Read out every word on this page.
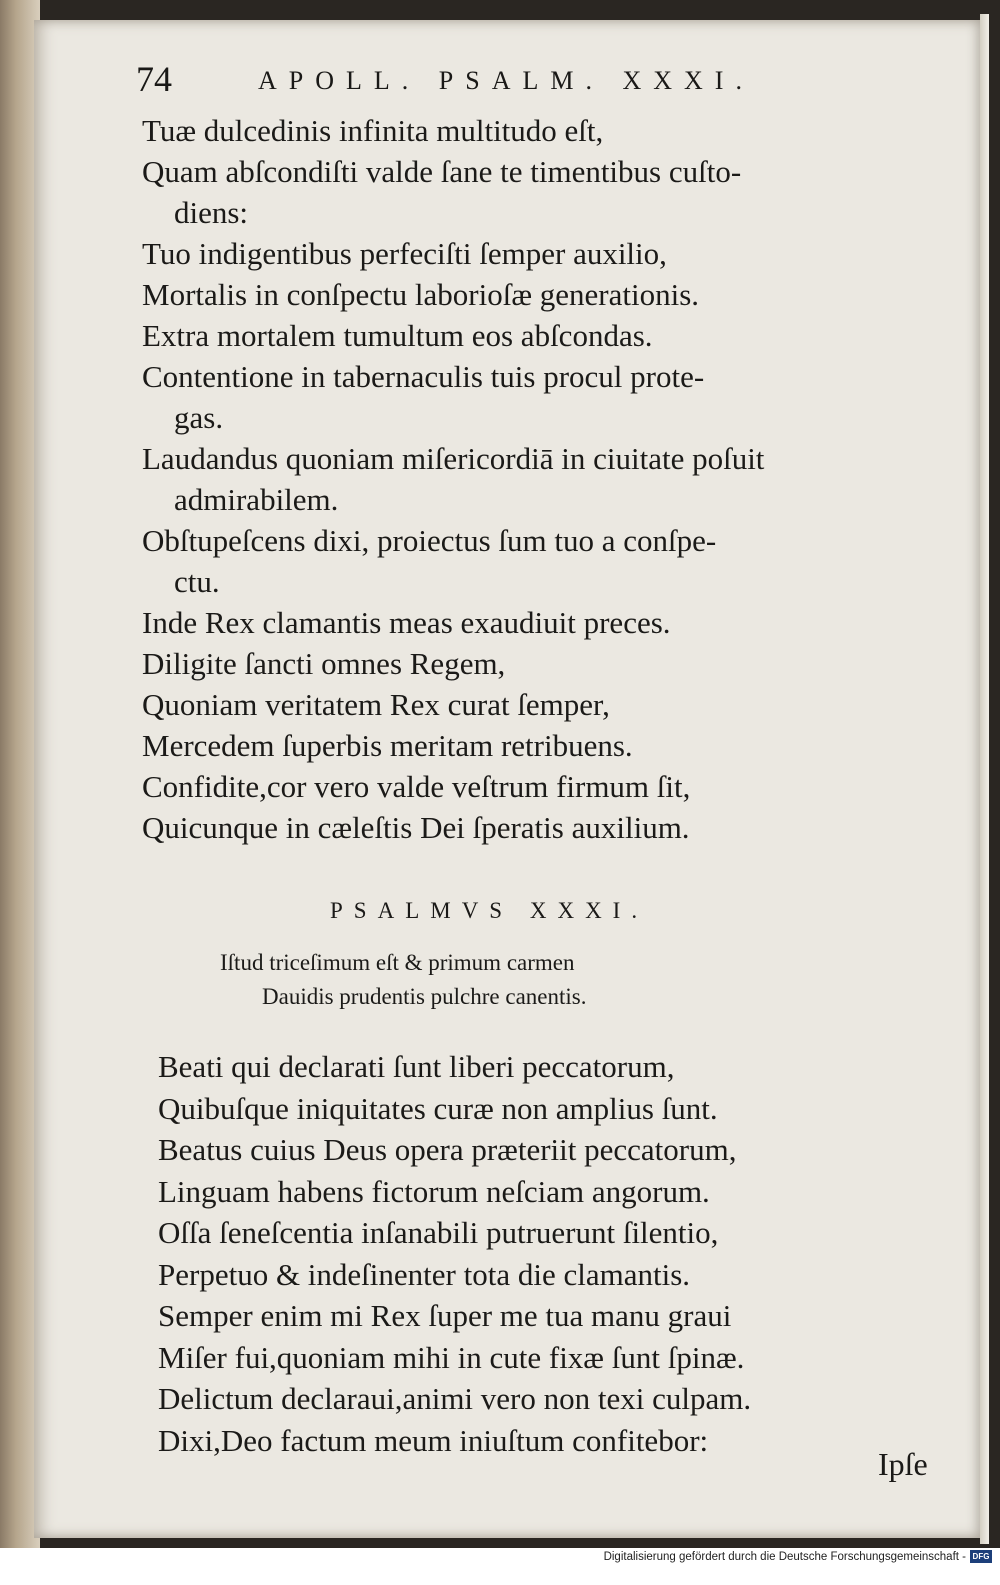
74	APOLL. PSALM. XXXI.
Tuæ dulcedinis infinita multitudo eſt,
Quam abſcondiſti valde ſane te timentibus cuſto-
diens:
Tuo indigentibus perfeciſti ſemper auxilio,
Mortalis in conſpectu laborioſæ generationis.
Extra mortalem tumultum eos abſcondas.
Contentione in tabernaculis tuis procul prote-
gas.
Laudandus quoniam miſericordiā in ciuitate poſuit
admirabilem.
Obſtupeſcens dixi, proiectus ſum tuo a conſpe-
ctu.
Inde Rex clamantis meas exaudiuit preces.
Diligite ſancti omnes Regem,
Quoniam veritatem Rex curat ſemper,
Mercedem ſuperbis meritam retribuens.
Confidite,cor vero valde veſtrum firmum ſit,
Quicunque in cæleſtis Dei ſperatis auxilium.
PSALMVS XXXI.
Iſtud triceſimum eſt & primum carmen
Dauidis prudentis pulchre canentis.
Beati qui declarati ſunt liberi peccatorum,
Quibuſque iniquitates curæ non amplius ſunt.
Beatus cuius Deus opera præteriit peccatorum,
Linguam habens fictorum neſciam angorum.
Oſſa ſeneſcentia inſanabili putruerunt ſilentio,
Perpetuo & indeſinenter tota die clamantis.
Semper enim mi Rex ſuper me tua manu graui
Miſer fui,quoniam mihi in cute fixæ ſunt ſpinæ.
Delictum declaraui,animi vero non texi culpam.
Dixi,Deo factum meum iniuſtum confitebor:
Ipſe
Digitalisierung gefördert durch die Deutsche Forschungsgemeinschaft - DFG
